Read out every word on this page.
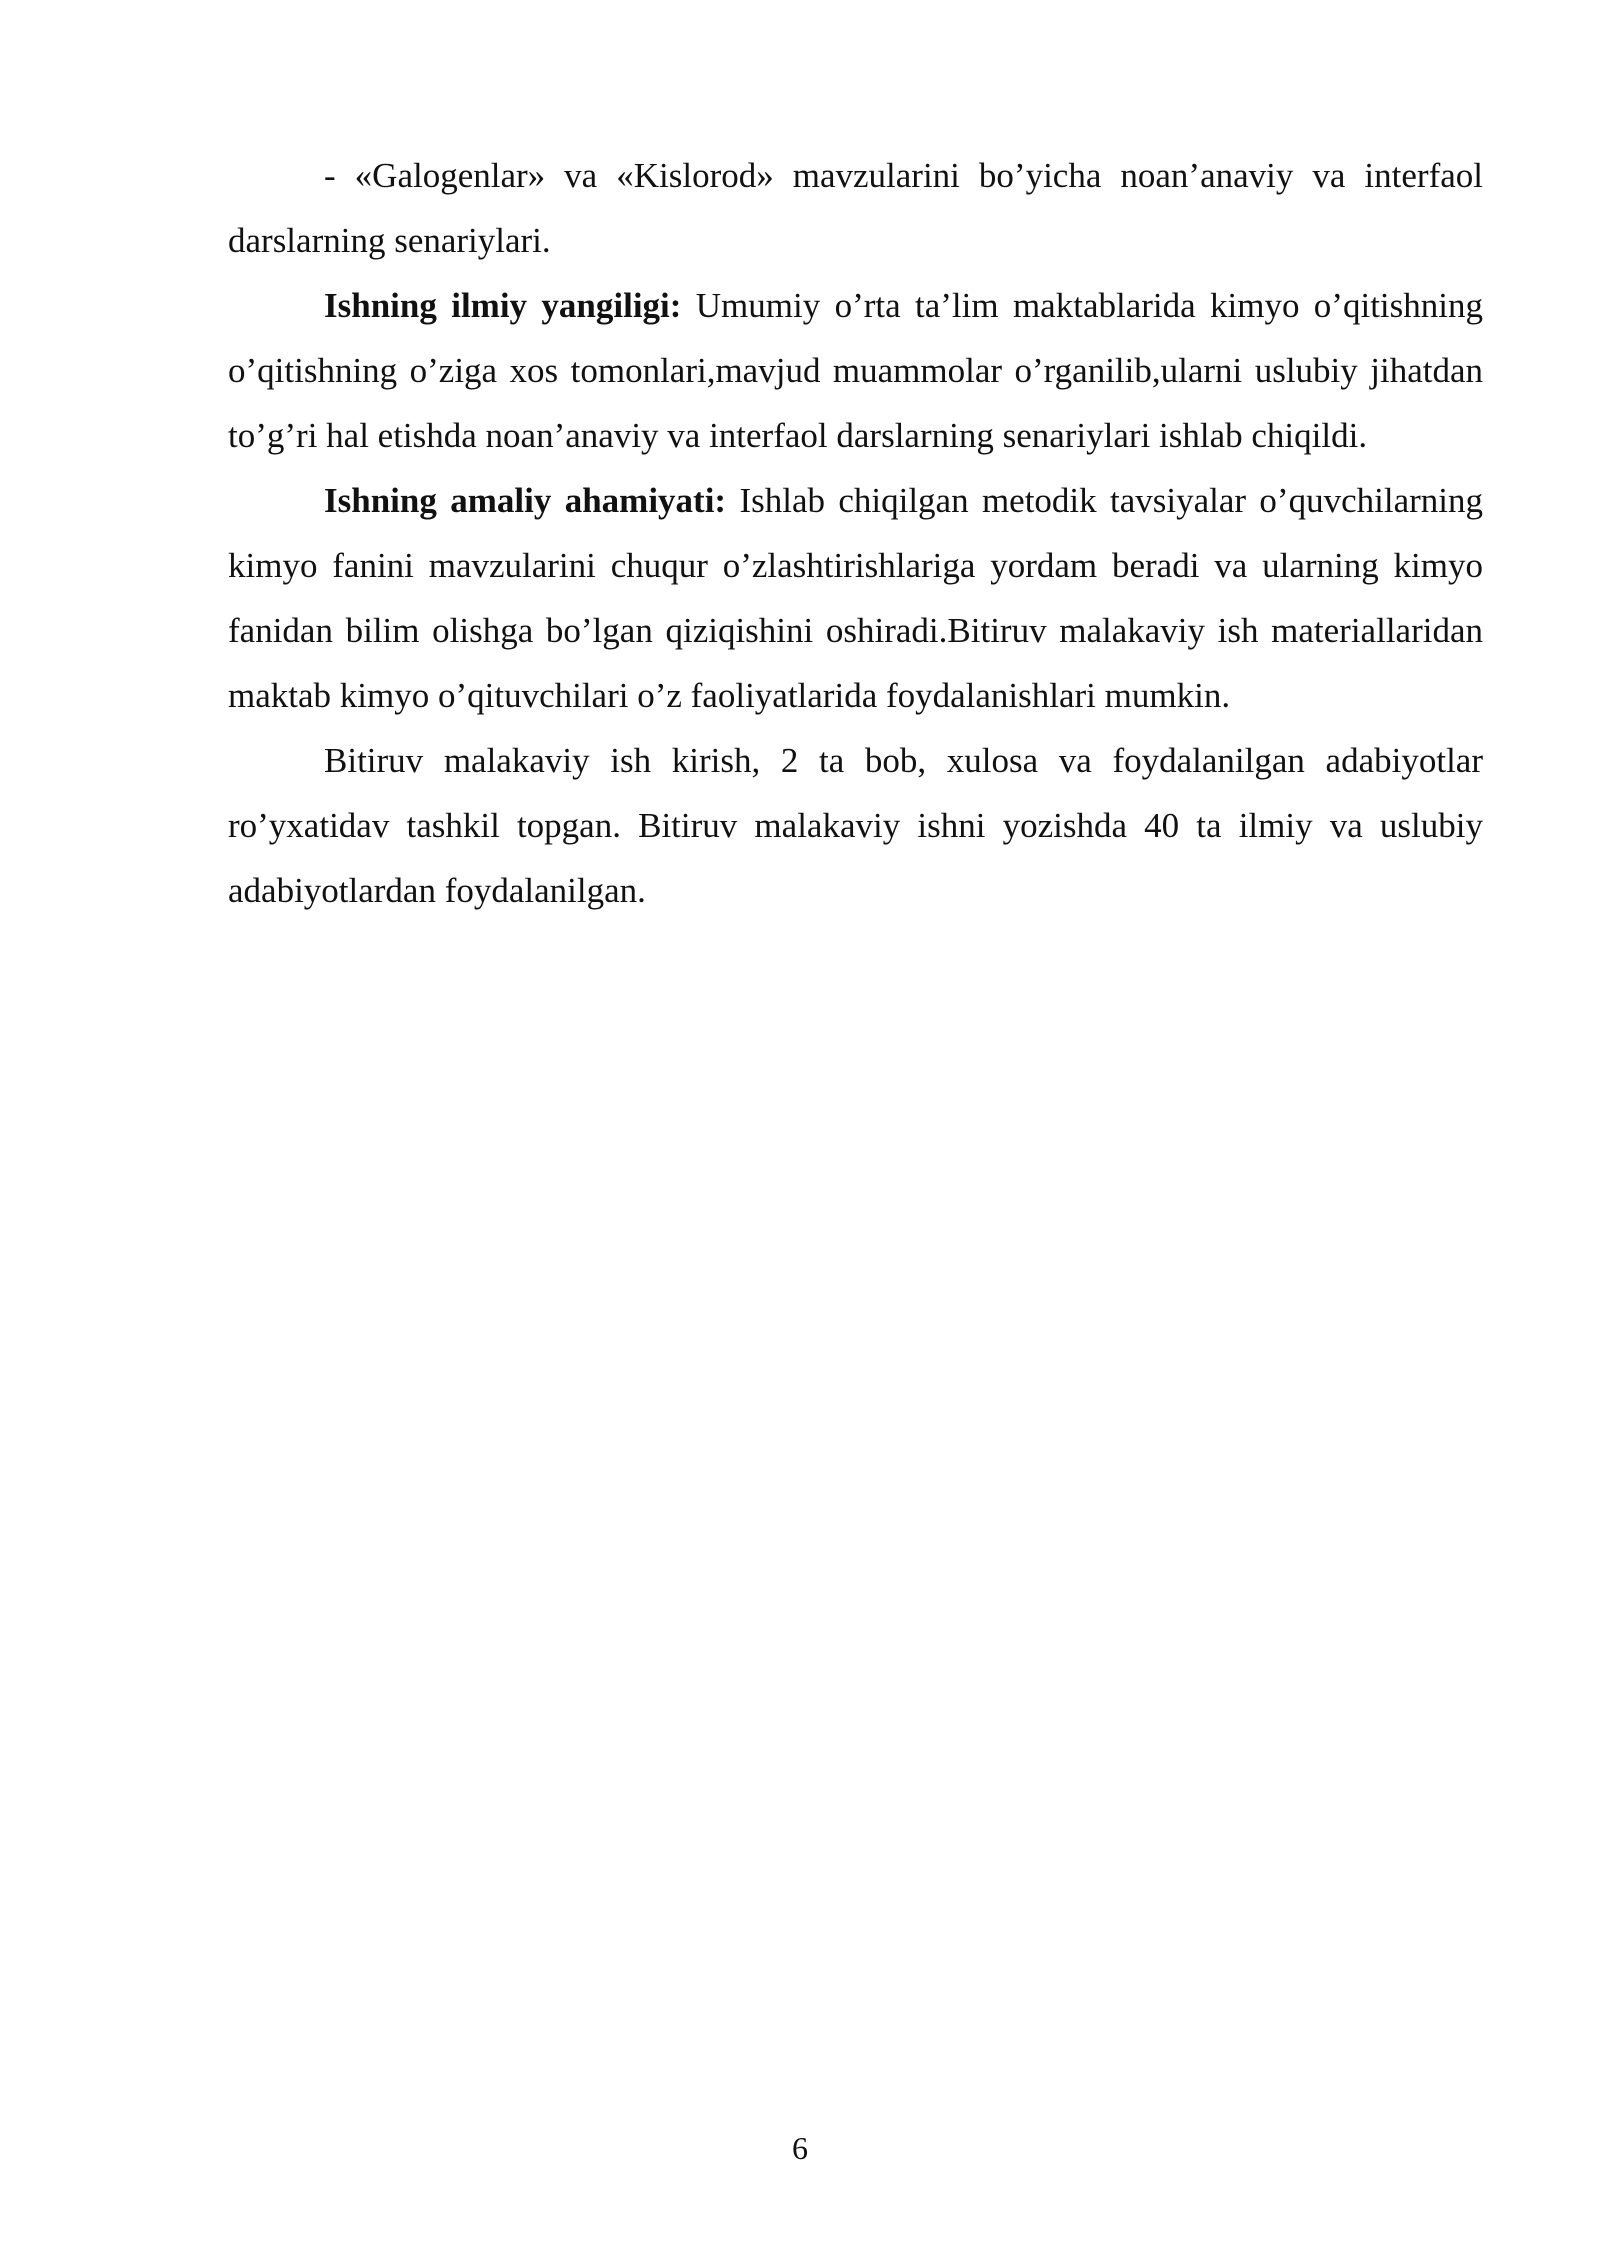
- «Galogenlar» va «Kislorod» mavzularini bo’yicha noan’anaviy va interfaol darslarning senariylari.

Ishning ilmiy yangiligi: Umumiy o’rta ta’lim maktablarida kimyo o’qitishning o’qitishning o’ziga xos tomonlari,mavjud muammolar o’rganilib,ularni uslubiy jihatdan to’g’ri hal etishda noan’anaviy va interfaol darslarning senariylari ishlab chiqildi.

Ishning amaliy ahamiyati: Ishlab chiqilgan metodik tavsiyalar o’quvchilarning kimyo fanini mavzularini chuqur o’zlashtirishlariga yordam beradi va ularning kimyo fanidan bilim olishga bo’lgan qiziqishini oshiradi.Bitiruv malakaviy ish materiallaridan maktab kimyo o’qituvchilari o’z faoliyatlarida foydalanishlari mumkin.

Bitiruv malakaviy ish kirish, 2 ta bob, xulosa va foydalanilgan adabiyotlar ro’yxatidav tashkil topgan. Bitiruv malakaviy ishni yozishda 40 ta ilmiy va uslubiy adabiyotlardan foydalanilgan.

6
